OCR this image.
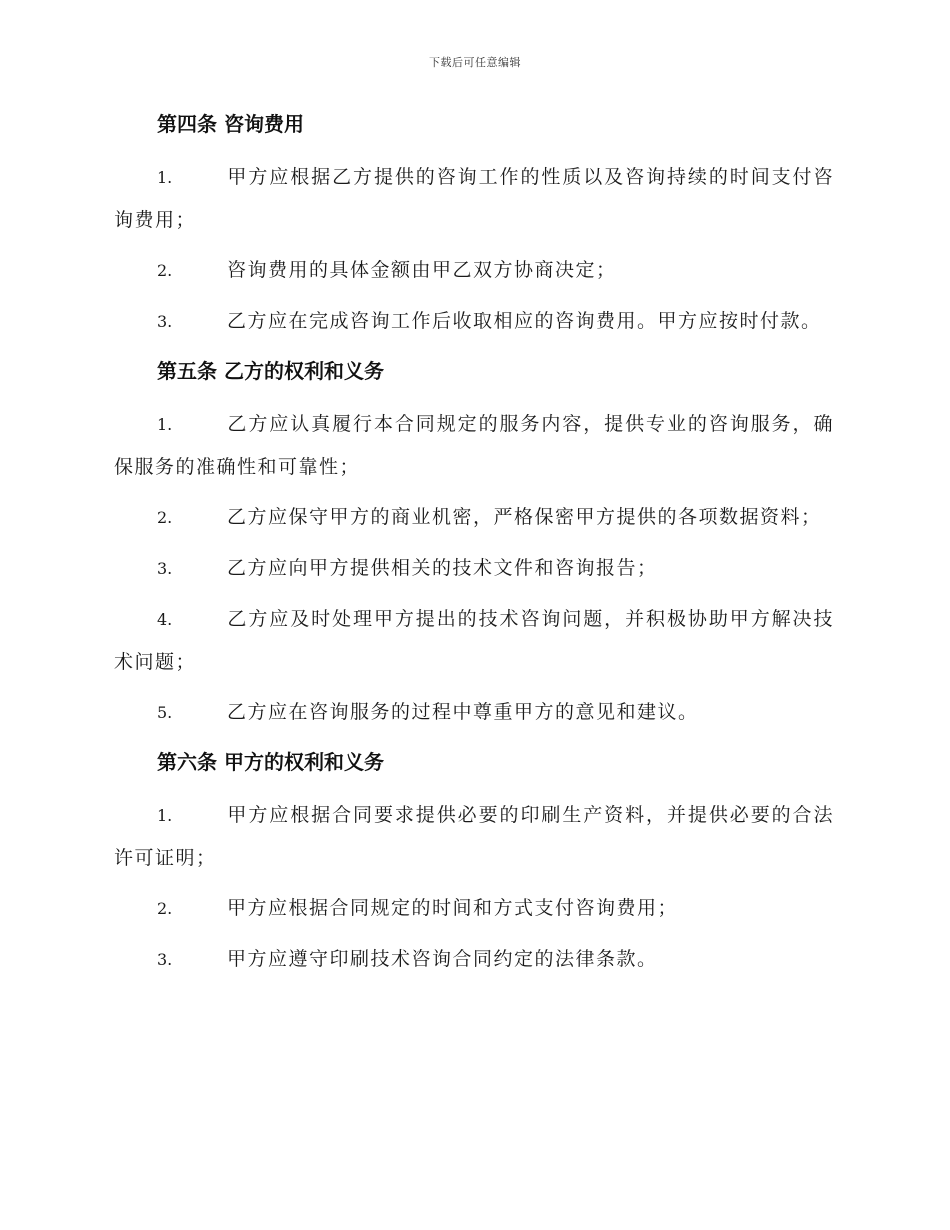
下载后可任意编辑
第四条 咨询费用
1.	甲方应根据乙方提供的咨询工作的性质以及咨询持续的时间支付咨询费用；
2.	咨询费用的具体金额由甲乙双方协商决定；
3.	乙方应在完成咨询工作后收取相应的咨询费用。甲方应按时付款。
第五条 乙方的权利和义务
1.	乙方应认真履行本合同规定的服务内容，提供专业的咨询服务，确保服务的准确性和可靠性；
2.	乙方应保守甲方的商业机密，严格保密甲方提供的各项数据资料；
3.	乙方应向甲方提供相关的技术文件和咨询报告；
4.	乙方应及时处理甲方提出的技术咨询问题，并积极协助甲方解决技术问题；
5.	乙方应在咨询服务的过程中尊重甲方的意见和建议。
第六条 甲方的权利和义务
1.	甲方应根据合同要求提供必要的印刷生产资料，并提供必要的合法许可证明；
2.	甲方应根据合同规定的时间和方式支付咨询费用；
3.	甲方应遵守印刷技术咨询合同约定的法律条款。
